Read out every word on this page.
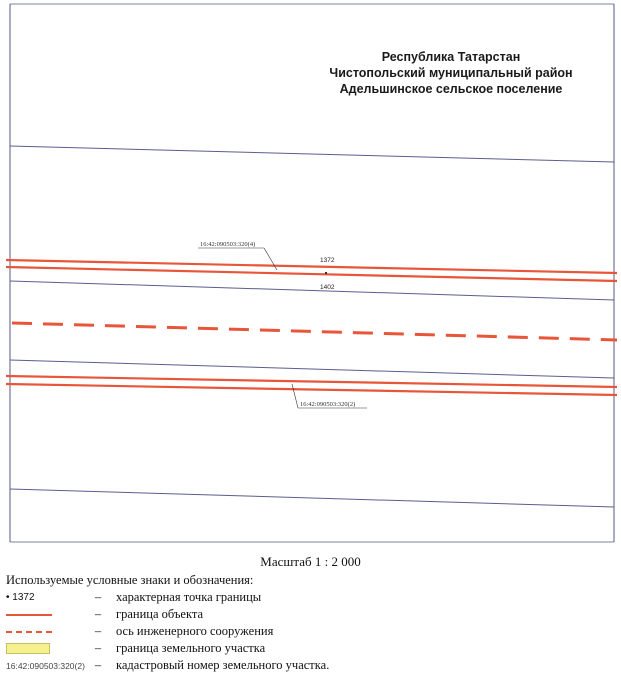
Республика Татарстан
Чистопольский муниципальный район
Адельшинское сельское поселение
1372
1402
16:42:090503:320(4)
16:42:090503:320(2)
Масштаб 1 : 2 000
Используемые условные знаки и обозначения:
• 1372	–	характерная точка границы
–	граница объекта
–	ось инженерного сооружения
–	граница земельного участка
16:42:090503:320(2) –	кадастровый номер земельного участка.
